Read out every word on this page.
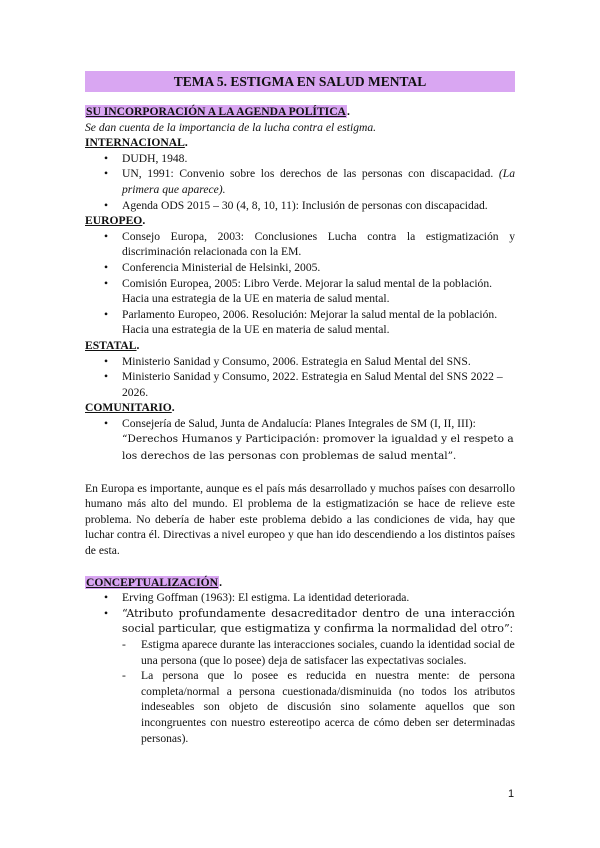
TEMA 5. ESTIGMA EN SALUD MENTAL

SU INCORPORACIÓN A LA AGENDA POLÍTICA.

Se dan cuenta de la importancia de la lucha contra el estigma.

INTERNACIONAL.

• DUDH, 1948.
• UN, 1991: Convenio sobre los derechos de las personas con discapacidad. (La primera que aparece).
• Agenda ODS 2015 – 30 (4, 8, 10, 11): Inclusión de personas con discapacidad.

EUROPEO.

• Consejo Europa, 2003: Conclusiones Lucha contra la estigmatización y discriminación relacionada con la EM.
• Conferencia Ministerial de Helsinki, 2005.
• Comisión Europea, 2005: Libro Verde. Mejorar la salud mental de la población. Hacia una estrategia de la UE en materia de salud mental.
• Parlamento Europeo, 2006. Resolución: Mejorar la salud mental de la población. Hacia una estrategia de la UE en materia de salud mental.

ESTATAL.

• Ministerio Sanidad y Consumo, 2006. Estrategia en Salud Mental del SNS.
• Ministerio Sanidad y Consumo, 2022. Estrategia en Salud Mental del SNS 2022 – 2026.

COMUNITARIO.

• Consejería de Salud, Junta de Andalucía: Planes Integrales de SM (I, II, III): “Derechos Humanos y Participación: promover la igualdad y el respeto a los derechos de las personas con problemas de salud mental”.

En Europa es importante, aunque es el país más desarrollado y muchos países con desarrollo humano más alto del mundo. El problema de la estigmatización se hace de relieve este problema. No debería de haber este problema debido a las condiciones de vida, hay que luchar contra él. Directivas a nivel europeo y que han ido descendiendo a los distintos países de esta.

CONCEPTUALIZACIÓN.

• Erving Goffman (1963): El estigma. La identidad deteriorada.
• “Atributo profundamente desacreditador dentro de una interacción social particular, que estigmatiza y confirma la normalidad del otro”:
- Estigma aparece durante las interacciones sociales, cuando la identidad social de una persona (que lo posee) deja de satisfacer las expectativas sociales.
- La persona que lo posee es reducida en nuestra mente: de persona completa/normal a persona cuestionada/disminuida (no todos los atributos indeseables son objeto de discusión sino solamente aquellos que son incongruentes con nuestro estereotipo acerca de cómo deben ser determinadas personas).
1
